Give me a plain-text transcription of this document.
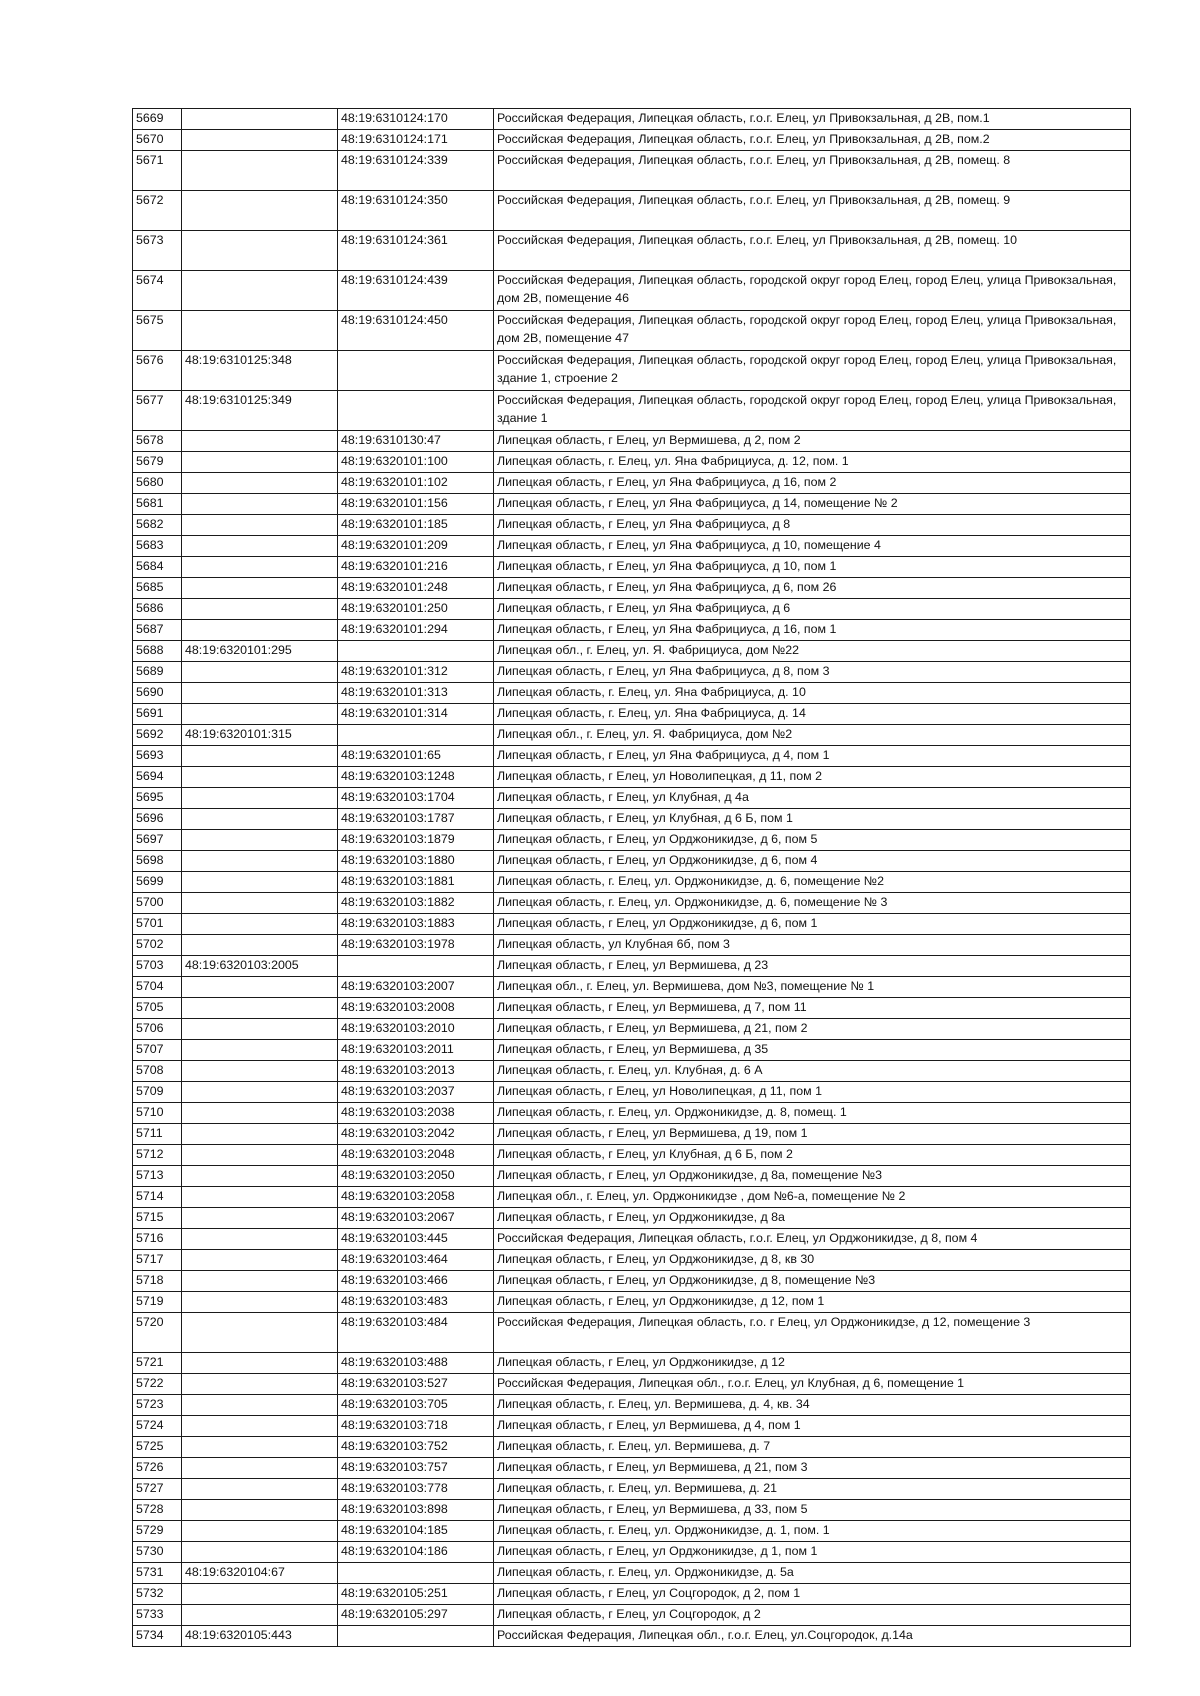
5669		48:19:6310124:170	Российская Федерация, Липецкая область, г.о.г. Елец, ул Привокзальная, д 2В, пом.1
5670		48:19:6310124:171	Российская Федерация, Липецкая область, г.о.г. Елец, ул Привокзальная, д 2В, пом.2
5671		48:19:6310124:339	Российская Федерация, Липецкая область, г.о.г. Елец, ул Привокзальная, д 2В, помещ. 8
5672		48:19:6310124:350	Российская Федерация, Липецкая область, г.о.г. Елец, ул Привокзальная, д 2В, помещ. 9
5673		48:19:6310124:361	Российская Федерация, Липецкая область, г.о.г. Елец, ул Привокзальная, д 2В, помещ. 10
5674		48:19:6310124:439	Российская Федерация, Липецкая область, городской округ город Елец, город Елец, улица Привокзальная, дом 2В, помещение 46
5675		48:19:6310124:450	Российская Федерация, Липецкая область, городской округ город Елец, город Елец, улица Привокзальная, дом 2В, помещение 47
5676	48:19:6310125:348		Российская Федерация, Липецкая область, городской округ город Елец, город Елец, улица Привокзальная, здание 1, строение 2
5677	48:19:6310125:349		Российская Федерация, Липецкая область, городской округ город Елец, город Елец, улица Привокзальная, здание 1
5678		48:19:6310130:47	Липецкая область, г Елец, ул Вермишева, д 2, пом 2
5679		48:19:6320101:100	Липецкая область, г. Елец, ул. Яна Фабрициуса, д. 12, пом. 1
5680		48:19:6320101:102	Липецкая область, г Елец, ул Яна Фабрициуса, д 16, пом 2
5681		48:19:6320101:156	Липецкая область, г Елец, ул Яна Фабрициуса, д 14, помещение № 2
5682		48:19:6320101:185	Липецкая область, г Елец, ул Яна Фабрициуса, д 8
5683		48:19:6320101:209	Липецкая область, г Елец, ул Яна Фабрициуса, д 10, помещение 4
5684		48:19:6320101:216	Липецкая область, г Елец, ул Яна Фабрициуса, д 10, пом 1
5685		48:19:6320101:248	Липецкая область, г Елец, ул Яна Фабрициуса, д 6, пом 26
5686		48:19:6320101:250	Липецкая область, г Елец, ул Яна Фабрициуса, д 6
5687		48:19:6320101:294	Липецкая область, г Елец, ул Яна Фабрициуса, д 16, пом 1
5688	48:19:6320101:295		Липецкая обл., г. Елец, ул. Я. Фабрициуса, дом №22
5689		48:19:6320101:312	Липецкая область, г Елец, ул Яна Фабрициуса, д 8, пом 3
5690		48:19:6320101:313	Липецкая область, г. Елец, ул. Яна Фабрициуса, д. 10
5691		48:19:6320101:314	Липецкая область, г. Елец, ул. Яна Фабрициуса, д. 14
5692	48:19:6320101:315		Липецкая обл., г. Елец, ул. Я. Фабрициуса, дом №2
5693		48:19:6320101:65	Липецкая область, г Елец, ул Яна Фабрициуса, д 4, пом 1
5694		48:19:6320103:1248	Липецкая область, г Елец, ул Новолипецкая, д 11, пом 2
5695		48:19:6320103:1704	Липецкая область, г Елец, ул Клубная, д 4а
5696		48:19:6320103:1787	Липецкая область, г Елец, ул Клубная, д 6 Б, пом 1
5697		48:19:6320103:1879	Липецкая область, г Елец, ул Орджоникидзе, д 6, пом 5
5698		48:19:6320103:1880	Липецкая область, г Елец, ул Орджоникидзе, д 6, пом 4
5699		48:19:6320103:1881	Липецкая область, г. Елец, ул. Орджоникидзе, д. 6, помещение №2
5700		48:19:6320103:1882	Липецкая область, г. Елец, ул. Орджоникидзе, д. 6, помещение № 3
5701		48:19:6320103:1883	Липецкая область, г Елец, ул Орджоникидзе, д 6, пом 1
5702		48:19:6320103:1978	Липецкая область, ул Клубная 6б, пом 3
5703	48:19:6320103:2005		Липецкая область, г Елец, ул Вермишева, д 23
5704		48:19:6320103:2007	Липецкая обл., г. Елец, ул. Вермишева, дом №3, помещение № 1
5705		48:19:6320103:2008	Липецкая область, г Елец, ул Вермишева, д 7, пом 11
5706		48:19:6320103:2010	Липецкая область, г Елец, ул Вермишева, д 21, пом 2
5707		48:19:6320103:2011	Липецкая область, г Елец, ул Вермишева, д 35
5708		48:19:6320103:2013	Липецкая область, г. Елец, ул. Клубная, д. 6 А
5709		48:19:6320103:2037	Липецкая область, г Елец, ул Новолипецкая, д 11, пом 1
5710		48:19:6320103:2038	Липецкая область, г. Елец, ул. Орджоникидзе, д. 8, помещ. 1
5711		48:19:6320103:2042	Липецкая область, г Елец, ул Вермишева, д 19, пом 1
5712		48:19:6320103:2048	Липецкая область, г Елец, ул Клубная, д 6 Б, пом 2
5713		48:19:6320103:2050	Липецкая область, г Елец, ул Орджоникидзе, д 8а, помещение №3
5714		48:19:6320103:2058	Липецкая обл., г. Елец, ул. Орджоникидзе , дом №6-а, помещение № 2
5715		48:19:6320103:2067	Липецкая область, г Елец, ул Орджоникидзе, д 8а
5716		48:19:6320103:445	Российская Федерация, Липецкая область, г.о.г. Елец, ул Орджоникидзе, д 8, пом 4
5717		48:19:6320103:464	Липецкая область, г Елец, ул Орджоникидзе, д 8, кв 30
5718		48:19:6320103:466	Липецкая область, г Елец, ул Орджоникидзе, д 8, помещение №3
5719		48:19:6320103:483	Липецкая область, г Елец, ул Орджоникидзе, д 12, пом 1
5720		48:19:6320103:484	Российская Федерация, Липецкая область, г.о. г Елец, ул Орджоникидзе, д 12, помещение 3
5721		48:19:6320103:488	Липецкая область, г Елец, ул Орджоникидзе, д 12
5722		48:19:6320103:527	Российская Федерация, Липецкая обл., г.о.г. Елец, ул Клубная, д 6, помещение 1
5723		48:19:6320103:705	Липецкая область, г. Елец, ул. Вермишева, д. 4, кв. 34
5724		48:19:6320103:718	Липецкая область, г Елец, ул Вермишева, д 4, пом 1
5725		48:19:6320103:752	Липецкая область, г. Елец, ул. Вермишева, д. 7
5726		48:19:6320103:757	Липецкая область, г Елец, ул Вермишева, д 21, пом 3
5727		48:19:6320103:778	Липецкая область, г. Елец, ул. Вермишева, д. 21
5728		48:19:6320103:898	Липецкая область, г Елец, ул Вермишева, д 33, пом 5
5729		48:19:6320104:185	Липецкая область, г. Елец, ул. Орджоникидзе, д. 1, пом. 1
5730		48:19:6320104:186	Липецкая область, г Елец, ул Орджоникидзе, д 1, пом 1
5731	48:19:6320104:67		Липецкая область, г. Елец, ул. Орджоникидзе, д. 5а
5732		48:19:6320105:251	Липецкая область, г Елец, ул Соцгородок, д 2, пом 1
5733		48:19:6320105:297	Липецкая область, г Елец, ул Соцгородок, д 2
5734	48:19:6320105:443		Российская Федерация, Липецкая обл., г.о.г. Елец, ул.Соцгородок, д.14а
